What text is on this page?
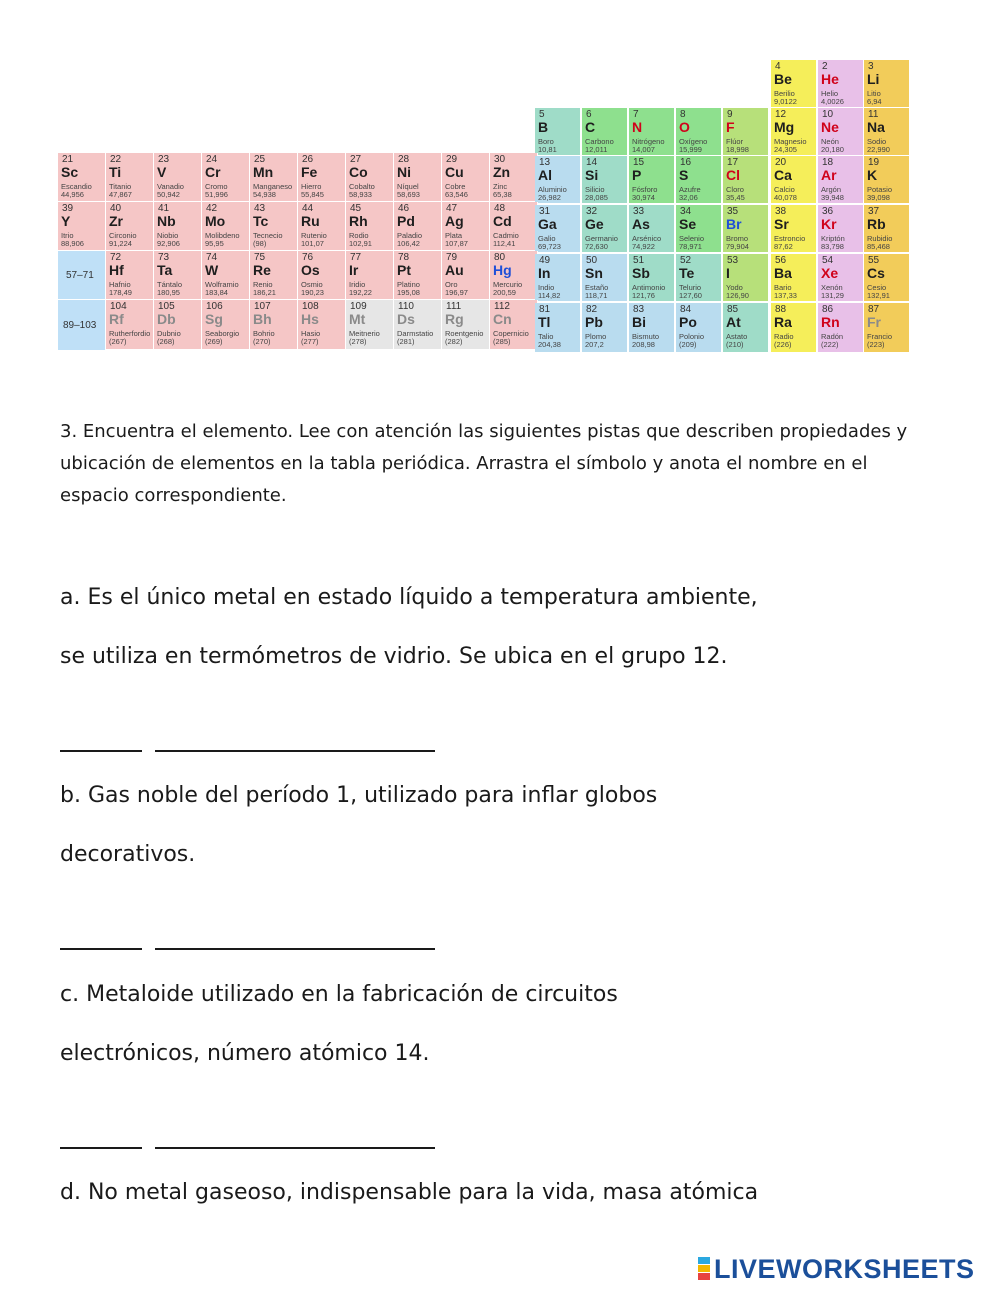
57–71
89–103
4
Be
Berilio
9,0122
2
He
Helio
4,0026
3
Li
Litio
6,94
5
B
Boro
10,81
6
C
Carbono
12,011
7
N
Nitrógeno
14,007
8
O
Oxígeno
15,999
9
F
Flúor
18,998
12
Mg
Magnesio
24,305
10
Ne
Neón
20,180
11
Na
Sodio
22,990
21
Sc
Escandio
44,956
22
Ti
Titanio
47,867
23
V
Vanadio
50,942
24
Cr
Cromo
51,996
25
Mn
Manganeso
54,938
26
Fe
Hierro
55,845
27
Co
Cobalto
58,933
28
Ni
Níquel
58,693
29
Cu
Cobre
63,546
30
Zn
Zinc
65,38
13
Al
Aluminio
26,982
14
Si
Silicio
28,085
15
P
Fósforo
30,974
16
S
Azufre
32,06
17
Cl
Cloro
35,45
20
Ca
Calcio
40,078
18
Ar
Argón
39,948
19
K
Potasio
39,098
39
Y
Itrio
88,906
40
Zr
Circonio
91,224
41
Nb
Niobio
92,906
42
Mo
Molibdeno
95,95
43
Tc
Tecnecio
(98)
44
Ru
Rutenio
101,07
45
Rh
Rodio
102,91
46
Pd
Paladio
106,42
47
Ag
Plata
107,87
48
Cd
Cadmio
112,41
31
Ga
Galio
69,723
32
Ge
Germanio
72,630
33
As
Arsénico
74,922
34
Se
Selenio
78,971
35
Br
Bromo
79,904
38
Sr
Estroncio
87,62
36
Kr
Kriptón
83,798
37
Rb
Rubidio
85,468
72
Hf
Hafnio
178,49
73
Ta
Tántalo
180,95
74
W
Wolframio
183,84
75
Re
Renio
186,21
76
Os
Osmio
190,23
77
Ir
Iridio
192,22
78
Pt
Platino
195,08
79
Au
Oro
196,97
80
Hg
Mercurio
200,59
49
In
Indio
114,82
50
Sn
Estaño
118,71
51
Sb
Antimonio
121,76
52
Te
Telurio
127,60
53
I
Yodo
126,90
56
Ba
Bario
137,33
54
Xe
Xenón
131,29
55
Cs
Cesio
132,91
104
Rf
Rutherfordio
(267)
105
Db
Dubnio
(268)
106
Sg
Seaborgio
(269)
107
Bh
Bohrio
(270)
108
Hs
Hasio
(277)
109
Mt
Meitnerio
(278)
110
Ds
Darmstatio
(281)
111
Rg
Roentgenio
(282)
112
Cn
Copernicio
(285)
81
Tl
Talio
204,38
82
Pb
Plomo
207,2
83
Bi
Bismuto
208,98
84
Po
Polonio
(209)
85
At
Astato
(210)
88
Ra
Radio
(226)
86
Rn
Radón
(222)
87
Fr
Francio
(223)

3. Encuentra el elemento. Lee con atención las siguientes pistas que describen propiedades y ubicación de elementos en la tabla periódica. Arrastra el símbolo y anota el nombre en el espacio correspondiente.

a. Es el único metal en estado líquido a temperatura ambiente,

se utiliza en termómetros de vidrio. Se ubica en el grupo 12.

b. Gas noble del período 1, utilizado para inflar globos

decorativos.

c. Metaloide utilizado en la fabricación de circuitos

electrónicos, número atómico 14.

d. No metal gaseoso, indispensable para la vida, masa atómica

LIVEWORKSHEETS
